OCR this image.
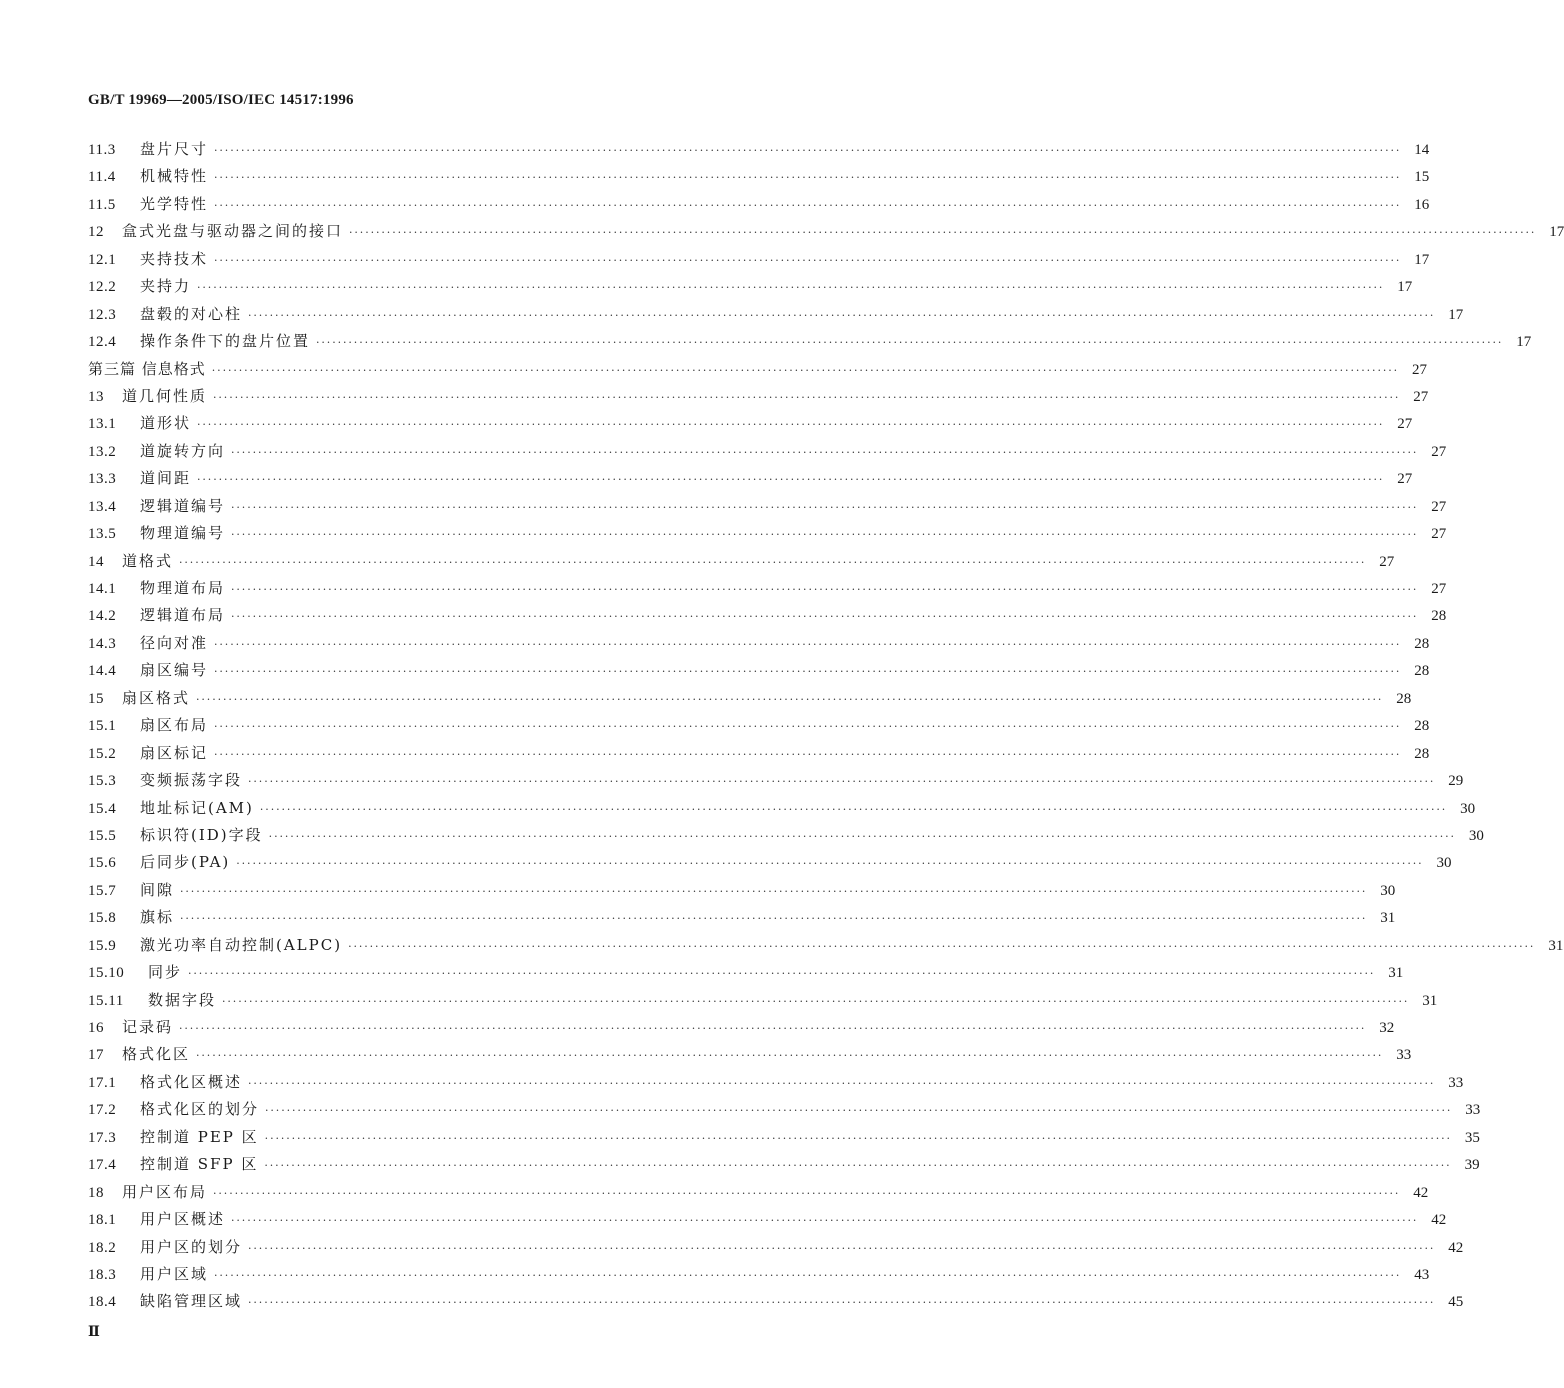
GB/T 19969—2005/ISO/IEC 14517:1996
11.3	盘片尺寸 ···························································································································································································································· 14
11.4	机械特性 ···························································································································································································································· 15
11.5	光学特性 ···························································································································································································································· 16
12	盒式光盘与驱动器之间的接口 ···························································································································································································································· 17
12.1	夹持技术 ···························································································································································································································· 17
12.2	夹持力 ···························································································································································································································· 17
12.3	盘毂的对心柱 ···························································································································································································································· 17
12.4	操作条件下的盘片位置 ···························································································································································································································· 17
第三篇 信息格式 ···························································································································································································································· 27
13	道几何性质 ···························································································································································································································· 27
13.1	道形状 ···························································································································································································································· 27
13.2	道旋转方向 ···························································································································································································································· 27
13.3	道间距 ···························································································································································································································· 27
13.4	逻辑道编号 ···························································································································································································································· 27
13.5	物理道编号 ···························································································································································································································· 27
14	道格式 ···························································································································································································································· 27
14.1	物理道布局 ···························································································································································································································· 27
14.2	逻辑道布局 ···························································································································································································································· 28
14.3	径向对准 ···························································································································································································································· 28
14.4	扇区编号 ···························································································································································································································· 28
15	扇区格式 ···························································································································································································································· 28
15.1	扇区布局 ···························································································································································································································· 28
15.2	扇区标记 ···························································································································································································································· 28
15.3	变频振荡字段 ···························································································································································································································· 29
15.4	地址标记(AM) ···························································································································································································································· 30
15.5	标识符(ID)字段 ···························································································································································································································· 30
15.6	后同步(PA) ···························································································································································································································· 30
15.7	间隙 ···························································································································································································································· 30
15.8	旗标 ···························································································································································································································· 31
15.9	激光功率自动控制(ALPC) ···························································································································································································································· 31
15.10	同步 ···························································································································································································································· 31
15.11	数据字段 ···························································································································································································································· 31
16	记录码 ···························································································································································································································· 32
17	格式化区 ···························································································································································································································· 33
17.1	格式化区概述 ···························································································································································································································· 33
17.2	格式化区的划分 ···························································································································································································································· 33
17.3	控制道 PEP 区 ···························································································································································································································· 35
17.4	控制道 SFP 区 ···························································································································································································································· 39
18	用户区布局 ···························································································································································································································· 42
18.1	用户区概述 ···························································································································································································································· 42
18.2	用户区的划分 ···························································································································································································································· 42
18.3	用户区域 ···························································································································································································································· 43
18.4	缺陷管理区域 ···························································································································································································································· 45
Ⅱ
